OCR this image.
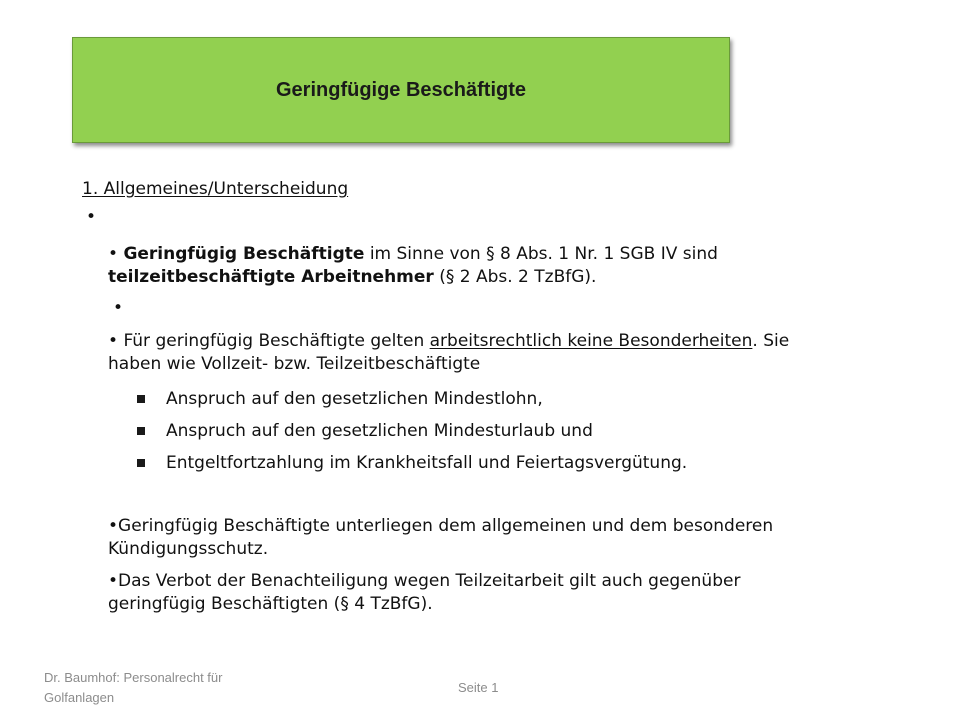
Geringfügige Beschäftigte
1. Allgemeines/Unterscheidung
•
• Geringfügig Beschäftigte im Sinne von § 8 Abs. 1 Nr. 1 SGB IV sind
teilzeitbeschäftigte Arbeitnehmer (§ 2 Abs. 2 TzBfG).
•
• Für geringfügig Beschäftigte gelten arbeitsrechtlich keine Besonderheiten. Sie
haben wie Vollzeit- bzw. Teilzeitbeschäftigte
Anspruch auf den gesetzlichen Mindestlohn,
Anspruch auf den gesetzlichen Mindesturlaub und
Entgeltfortzahlung im Krankheitsfall und Feiertagsvergütung.
•Geringfügig Beschäftigte unterliegen dem allgemeinen und dem besonderen
Kündigungsschutz.
•Das Verbot der Benachteiligung wegen Teilzeitarbeit gilt auch gegenüber
geringfügig Beschäftigten (§ 4 TzBfG).
Dr. Baumhof: Personalrecht für
Golfanlagen
Seite 1
